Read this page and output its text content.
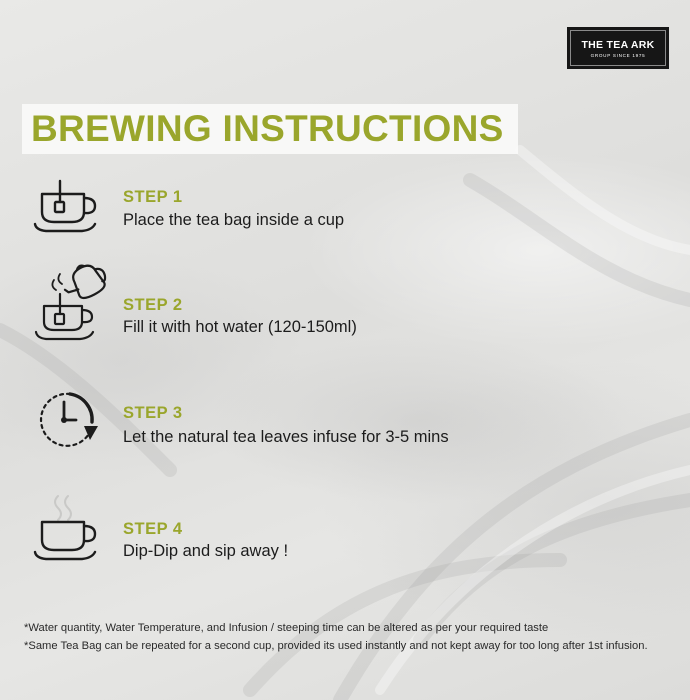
THE TEA ARK
GROUP SINCE 1975
BREWING INSTRUCTIONS
STEP 1
Place the tea bag inside a cup
STEP 2
Fill it with hot water (120-150ml)
STEP 3
Let the natural tea leaves infuse for 3-5 mins
STEP 4
Dip-Dip and sip away !
*Water quantity, Water Temperature, and Infusion / steeping time can be altered as per your required taste
*Same Tea Bag can be repeated for a second cup, provided its used instantly and not kept away for too long after 1st infusion.
